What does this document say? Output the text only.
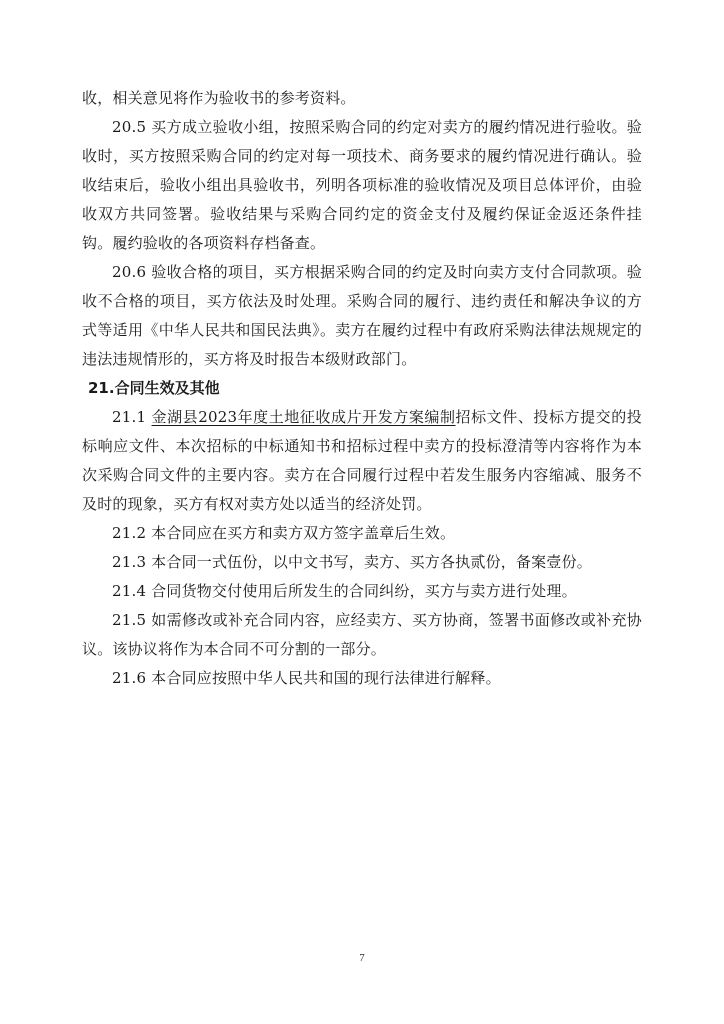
收，相关意见将作为验收书的参考资料。

20.5 买方成立验收小组，按照采购合同的约定对卖方的履约情况进行验收。验收时，买方按照采购合同的约定对每一项技术、商务要求的履约情况进行确认。验收结束后，验收小组出具验收书，列明各项标准的验收情况及项目总体评价，由验收双方共同签署。验收结果与采购合同约定的资金支付及履约保证金返还条件挂钩。履约验收的各项资料存档备查。

20.6 验收合格的项目，买方根据采购合同的约定及时向卖方支付合同款项。验收不合格的项目，买方依法及时处理。采购合同的履行、违约责任和解决争议的方式等适用《中华人民共和国民法典》。卖方在履约过程中有政府采购法律法规规定的违法违规情形的，买方将及时报告本级财政部门。

21.合同生效及其他

21.1 金湖县2023年度土地征收成片开发方案编制招标文件、投标方提交的投标响应文件、本次招标的中标通知书和招标过程中卖方的投标澄清等内容将作为本次采购合同文件的主要内容。卖方在合同履行过程中若发生服务内容缩减、服务不及时的现象，买方有权对卖方处以适当的经济处罚。

21.2 本合同应在买方和卖方双方签字盖章后生效。

21.3 本合同一式伍份，以中文书写，卖方、买方各执贰份，备案壹份。

21.4 合同货物交付使用后所发生的合同纠纷，买方与卖方进行处理。

21.5 如需修改或补充合同内容，应经卖方、买方协商，签署书面修改或补充协议。该协议将作为本合同不可分割的一部分。

21.6 本合同应按照中华人民共和国的现行法律进行解释。

7
